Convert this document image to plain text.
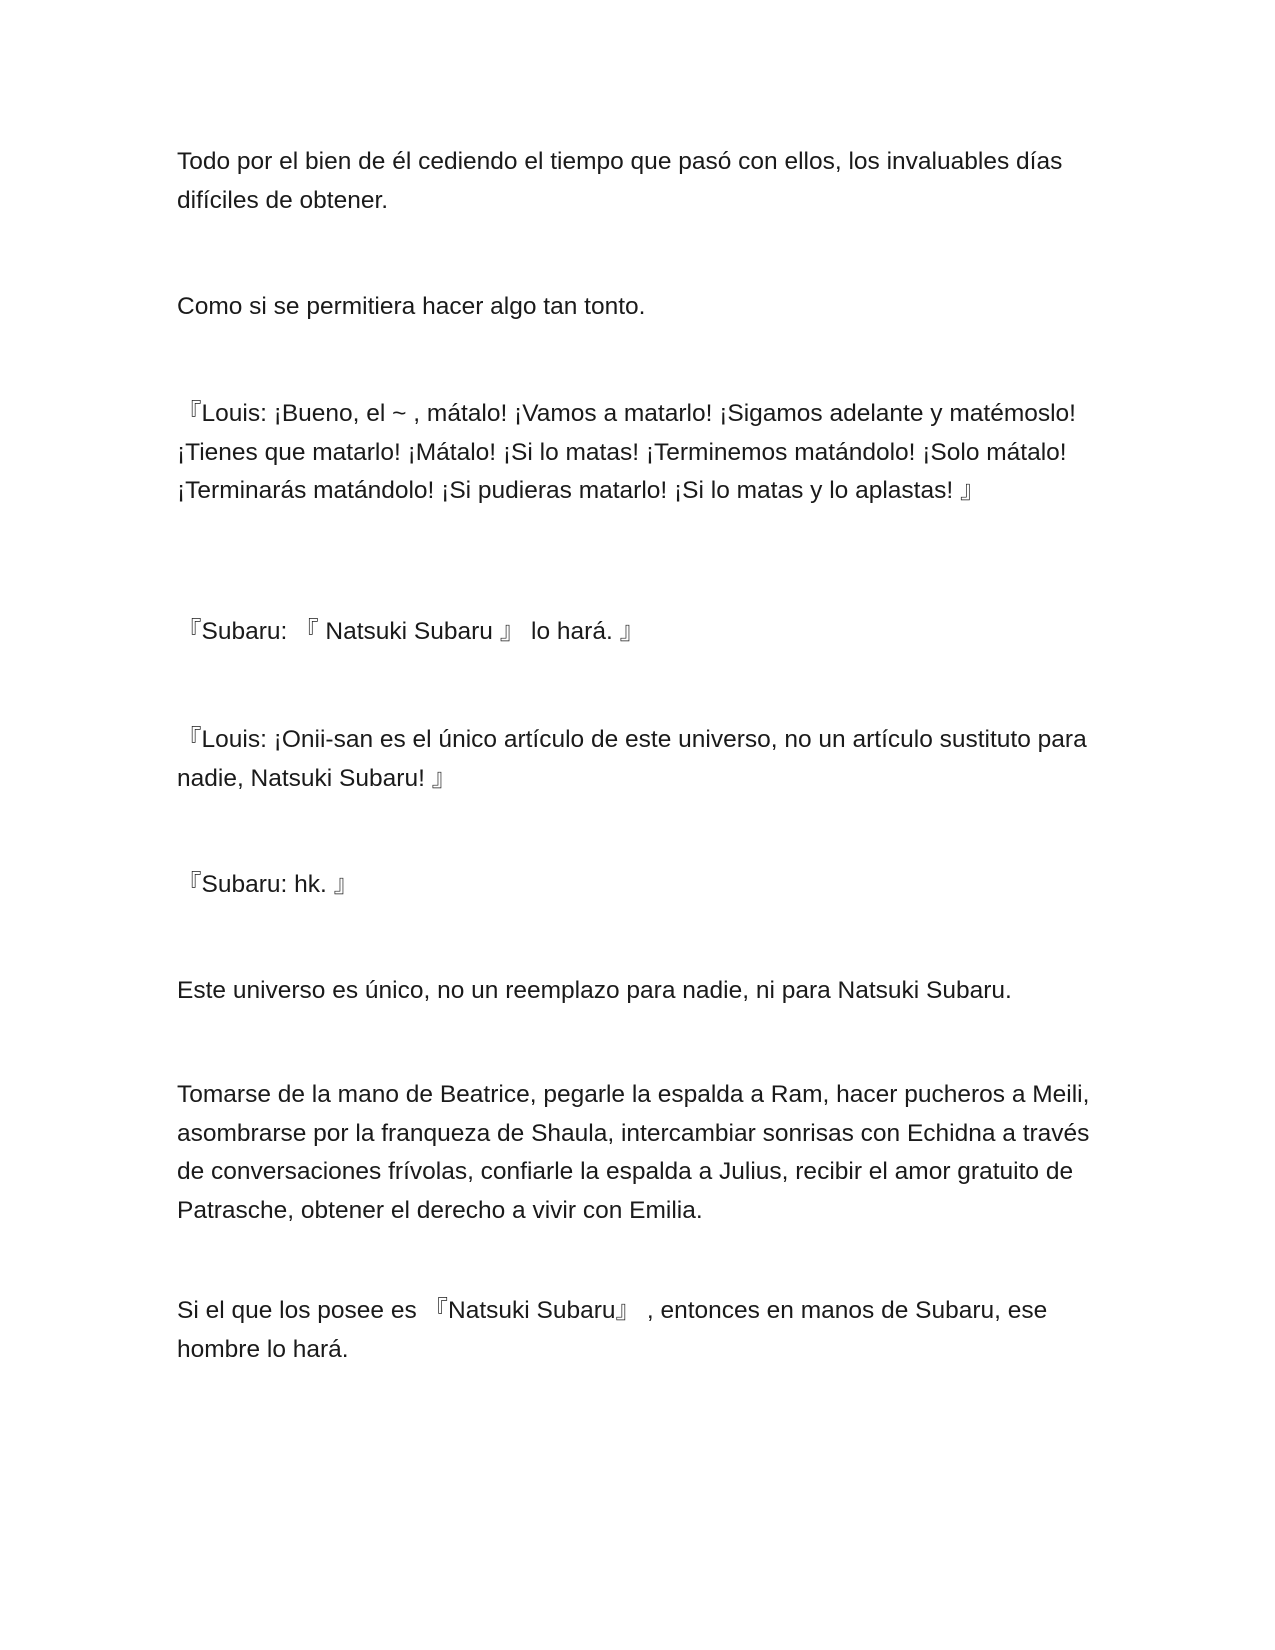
Todo por el bien de él cediendo el tiempo que pasó con ellos, los invaluables días difíciles de obtener.

Como si se permitiera hacer algo tan tonto.

『Louis: ¡Bueno, el ~ , mátalo! ¡Vamos a matarlo! ¡Sigamos adelante y matémoslo! ¡Tienes que matarlo! ¡Mátalo! ¡Si lo matas! ¡Terminemos matándolo! ¡Solo mátalo! ¡Terminarás matándolo! ¡Si pudieras matarlo! ¡Si lo matas y lo aplastas! 』

『Subaru: 『 Natsuki Subaru 』 lo hará. 』

『Louis: ¡Onii-san es el único artículo de este universo, no un artículo sustituto para nadie, Natsuki Subaru! 』

『Subaru: hk. 』

Este universo es único, no un reemplazo para nadie, ni para Natsuki Subaru.

Tomarse de la mano de Beatrice, pegarle la espalda a Ram, hacer pucheros a Meili, asombrarse por la franqueza de Shaula, intercambiar sonrisas con Echidna a través de conversaciones frívolas, confiarle la espalda a Julius, recibir el amor gratuito de Patrasche, obtener el derecho a vivir con Emilia.

Si el que los posee es 『Natsuki Subaru』 , entonces en manos de Subaru, ese hombre lo hará.
